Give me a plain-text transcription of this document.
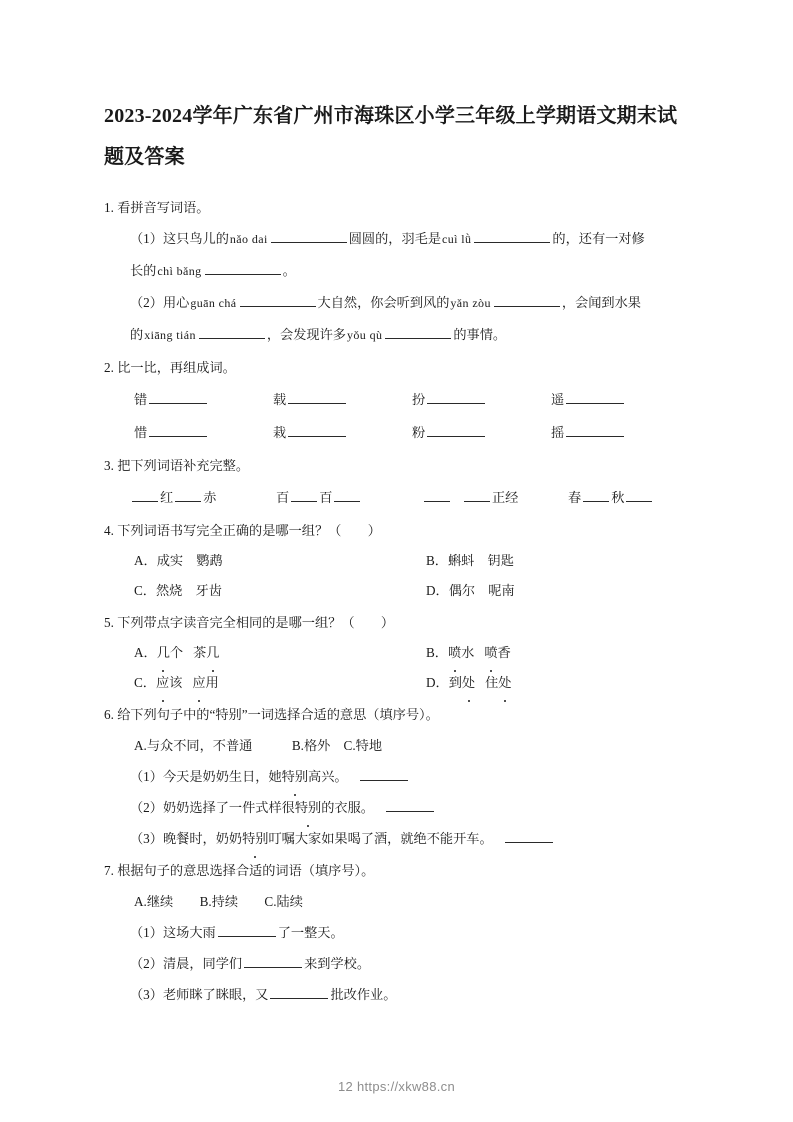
2023-2024学年广东省广州市海珠区小学三年级上学期语文期末试题及答案
1. 看拼音写词语。
（1）这只鸟儿的nǎo dai	圆圆的，羽毛是cuì lǜ	的，还有一对修
长的chì bǎng	。
（2）用心guān chá	大自然，你会听到风的yǎn zòu	，会闻到水果
的xiāng tián	，会发现许多yǒu qù	的事情。
2. 比一比，再组成词。
错	载	扮	遥
惜	栽	粉	摇
3. 把下列词语补充完整。
红 赤	百 百	正经	春 秋
4. 下列词语书写完全正确的是哪一组？（　　）
A．成实　鹦鹉	B．蝌蚪　钥匙
C．然烧　牙齿	D．偶尔　呢南
5. 下列带点字读音完全相同的是哪一组？（　　）
A．几个 茶几	B．喷水 喷香
C．应该 应用	D．到处 住处
6. 给下列句子中的“特别”一词选择合适的意思（填序号）。
A.与众不同，不普通　　　B.格外　C.特地
（1）今天是奶奶生日，她特别高兴。
（2）奶奶选择了一件式样很特别的衣服。
（3）晚餐时，奶奶特别叮嘱大家如果喝了酒，就绝不能开车。
7. 根据句子的意思选择合适的词语（填序号）。
A.继续　　B.持续　　C.陆续
（1）这场大雨	了一整天。
（2）清晨，同学们	来到学校。
（3）老师眯了眯眼，又	批改作业。
12 https://xkw88.cn
